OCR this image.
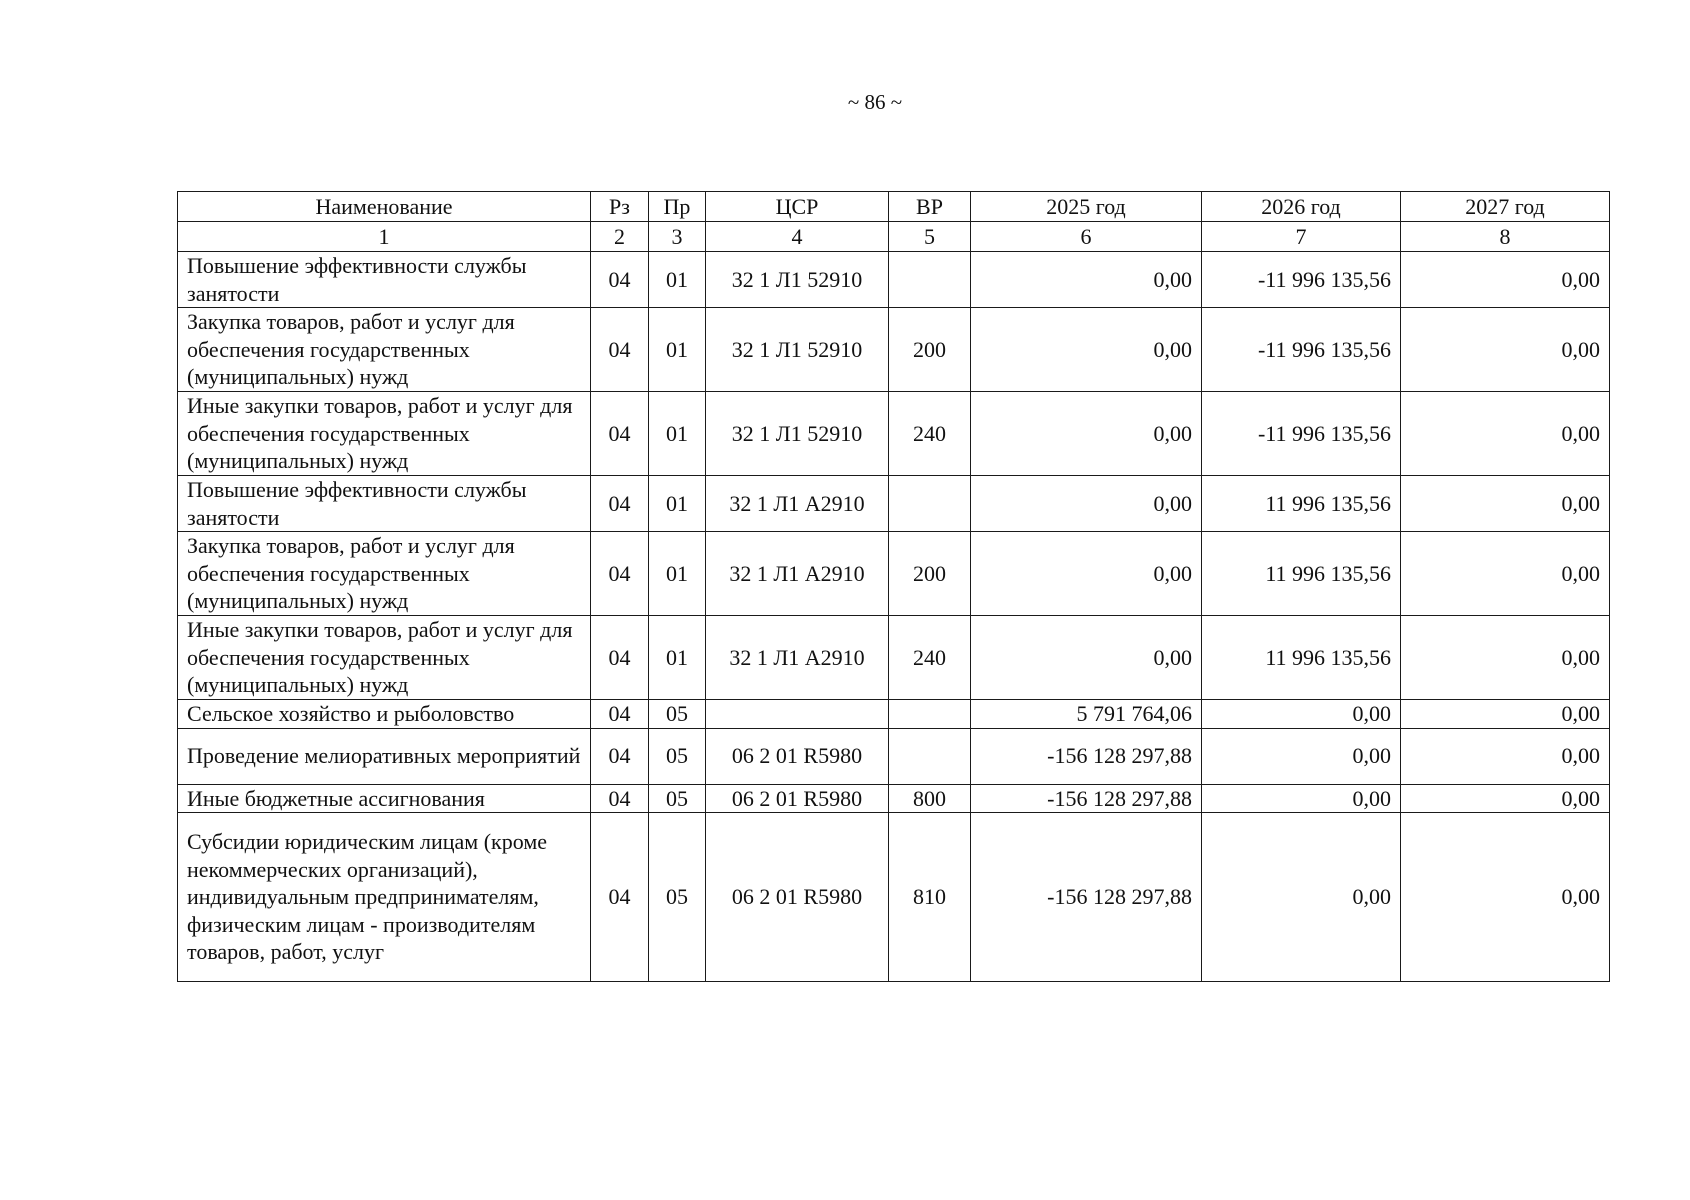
~ 86 ~
Наименование	Рз	Пр	ЦСР	ВР	2025 год	2026 год	2027 год
1	2	3	4	5	6	7	8
Повышение эффективности службы занятости	04	01	32 1 Л1 52910		0,00	-11 996 135,56	0,00
Закупка товаров, работ и услуг для обеспечения государственных (муниципальных) нужд	04	01	32 1 Л1 52910	200	0,00	-11 996 135,56	0,00
Иные закупки товаров, работ и услуг для обеспечения государственных (муниципальных) нужд	04	01	32 1 Л1 52910	240	0,00	-11 996 135,56	0,00
Повышение эффективности службы занятости	04	01	32 1 Л1 А2910		0,00	11 996 135,56	0,00
Закупка товаров, работ и услуг для обеспечения государственных (муниципальных) нужд	04	01	32 1 Л1 А2910	200	0,00	11 996 135,56	0,00
Иные закупки товаров, работ и услуг для обеспечения государственных (муниципальных) нужд	04	01	32 1 Л1 А2910	240	0,00	11 996 135,56	0,00
Сельское хозяйство и рыболовство	04	05			5 791 764,06	0,00	0,00
Проведение мелиоративных мероприятий	04	05	06 2 01 R5980		-156 128 297,88	0,00	0,00
Иные бюджетные ассигнования	04	05	06 2 01 R5980	800	-156 128 297,88	0,00	0,00
Субсидии юридическим лицам (кроме некоммерческих организаций), индивидуальным предпринимателям, физическим лицам - производителям товаров, работ, услуг	04	05	06 2 01 R5980	810	-156 128 297,88	0,00	0,00
